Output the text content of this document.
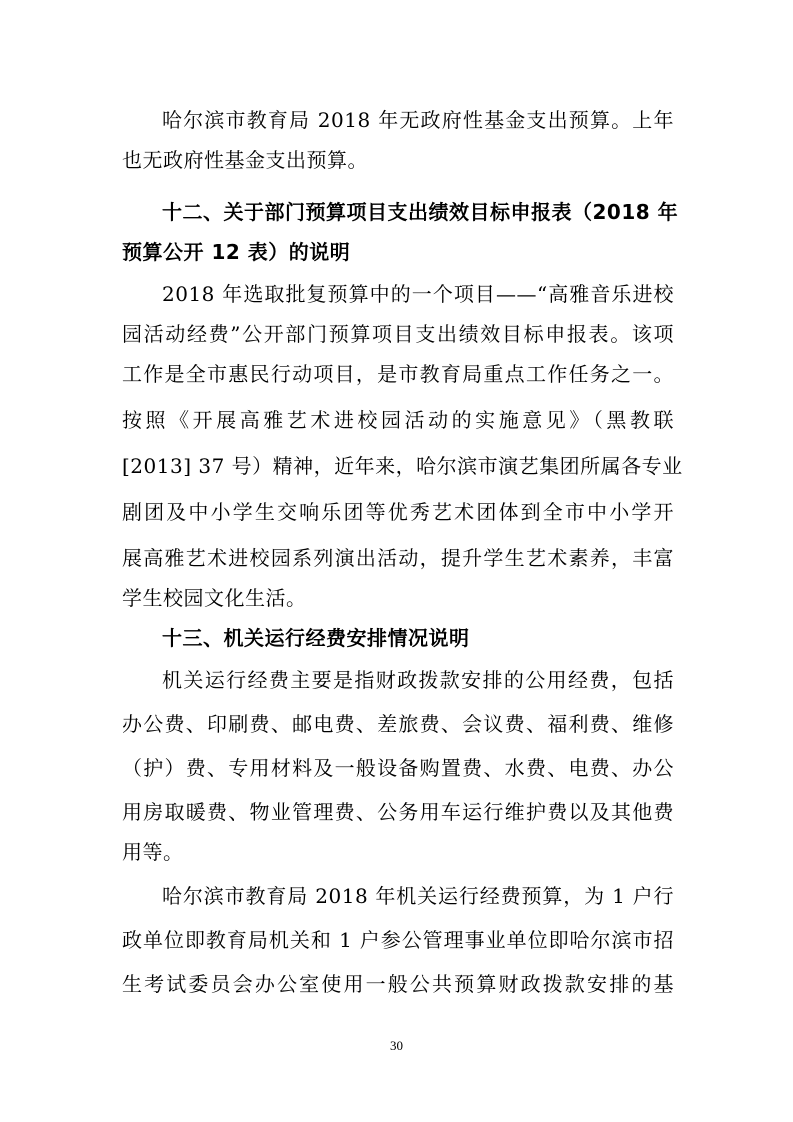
哈尔滨市教育局 2018 年无政府性基金支出预算。上年
也无政府性基金支出预算。
十二、关于部门预算项目支出绩效目标申报表（2018 年
预算公开 12 表）的说明
2018 年选取批复预算中的一个项目——“高雅音乐进校
园活动经费”公开部门预算项目支出绩效目标申报表。该项
工作是全市惠民行动项目，是市教育局重点工作任务之一。
按照《开展高雅艺术进校园活动的实施意见》（黑教联
[2013] 37 号）精神，近年来，哈尔滨市演艺集团所属各专业
剧团及中小学生交响乐团等优秀艺术团体到全市中小学开
展高雅艺术进校园系列演出活动，提升学生艺术素养，丰富
学生校园文化生活。
十三、机关运行经费安排情况说明
机关运行经费主要是指财政拨款安排的公用经费，包括
办公费、印刷费、邮电费、差旅费、会议费、福利费、维修
（护）费、专用材料及一般设备购置费、水费、电费、办公
用房取暖费、物业管理费、公务用车运行维护费以及其他费
用等。
哈尔滨市教育局 2018 年机关运行经费预算，为 1 户行
政单位即教育局机关和 1 户参公管理事业单位即哈尔滨市招
生考试委员会办公室使用一般公共预算财政拨款安排的基
30
